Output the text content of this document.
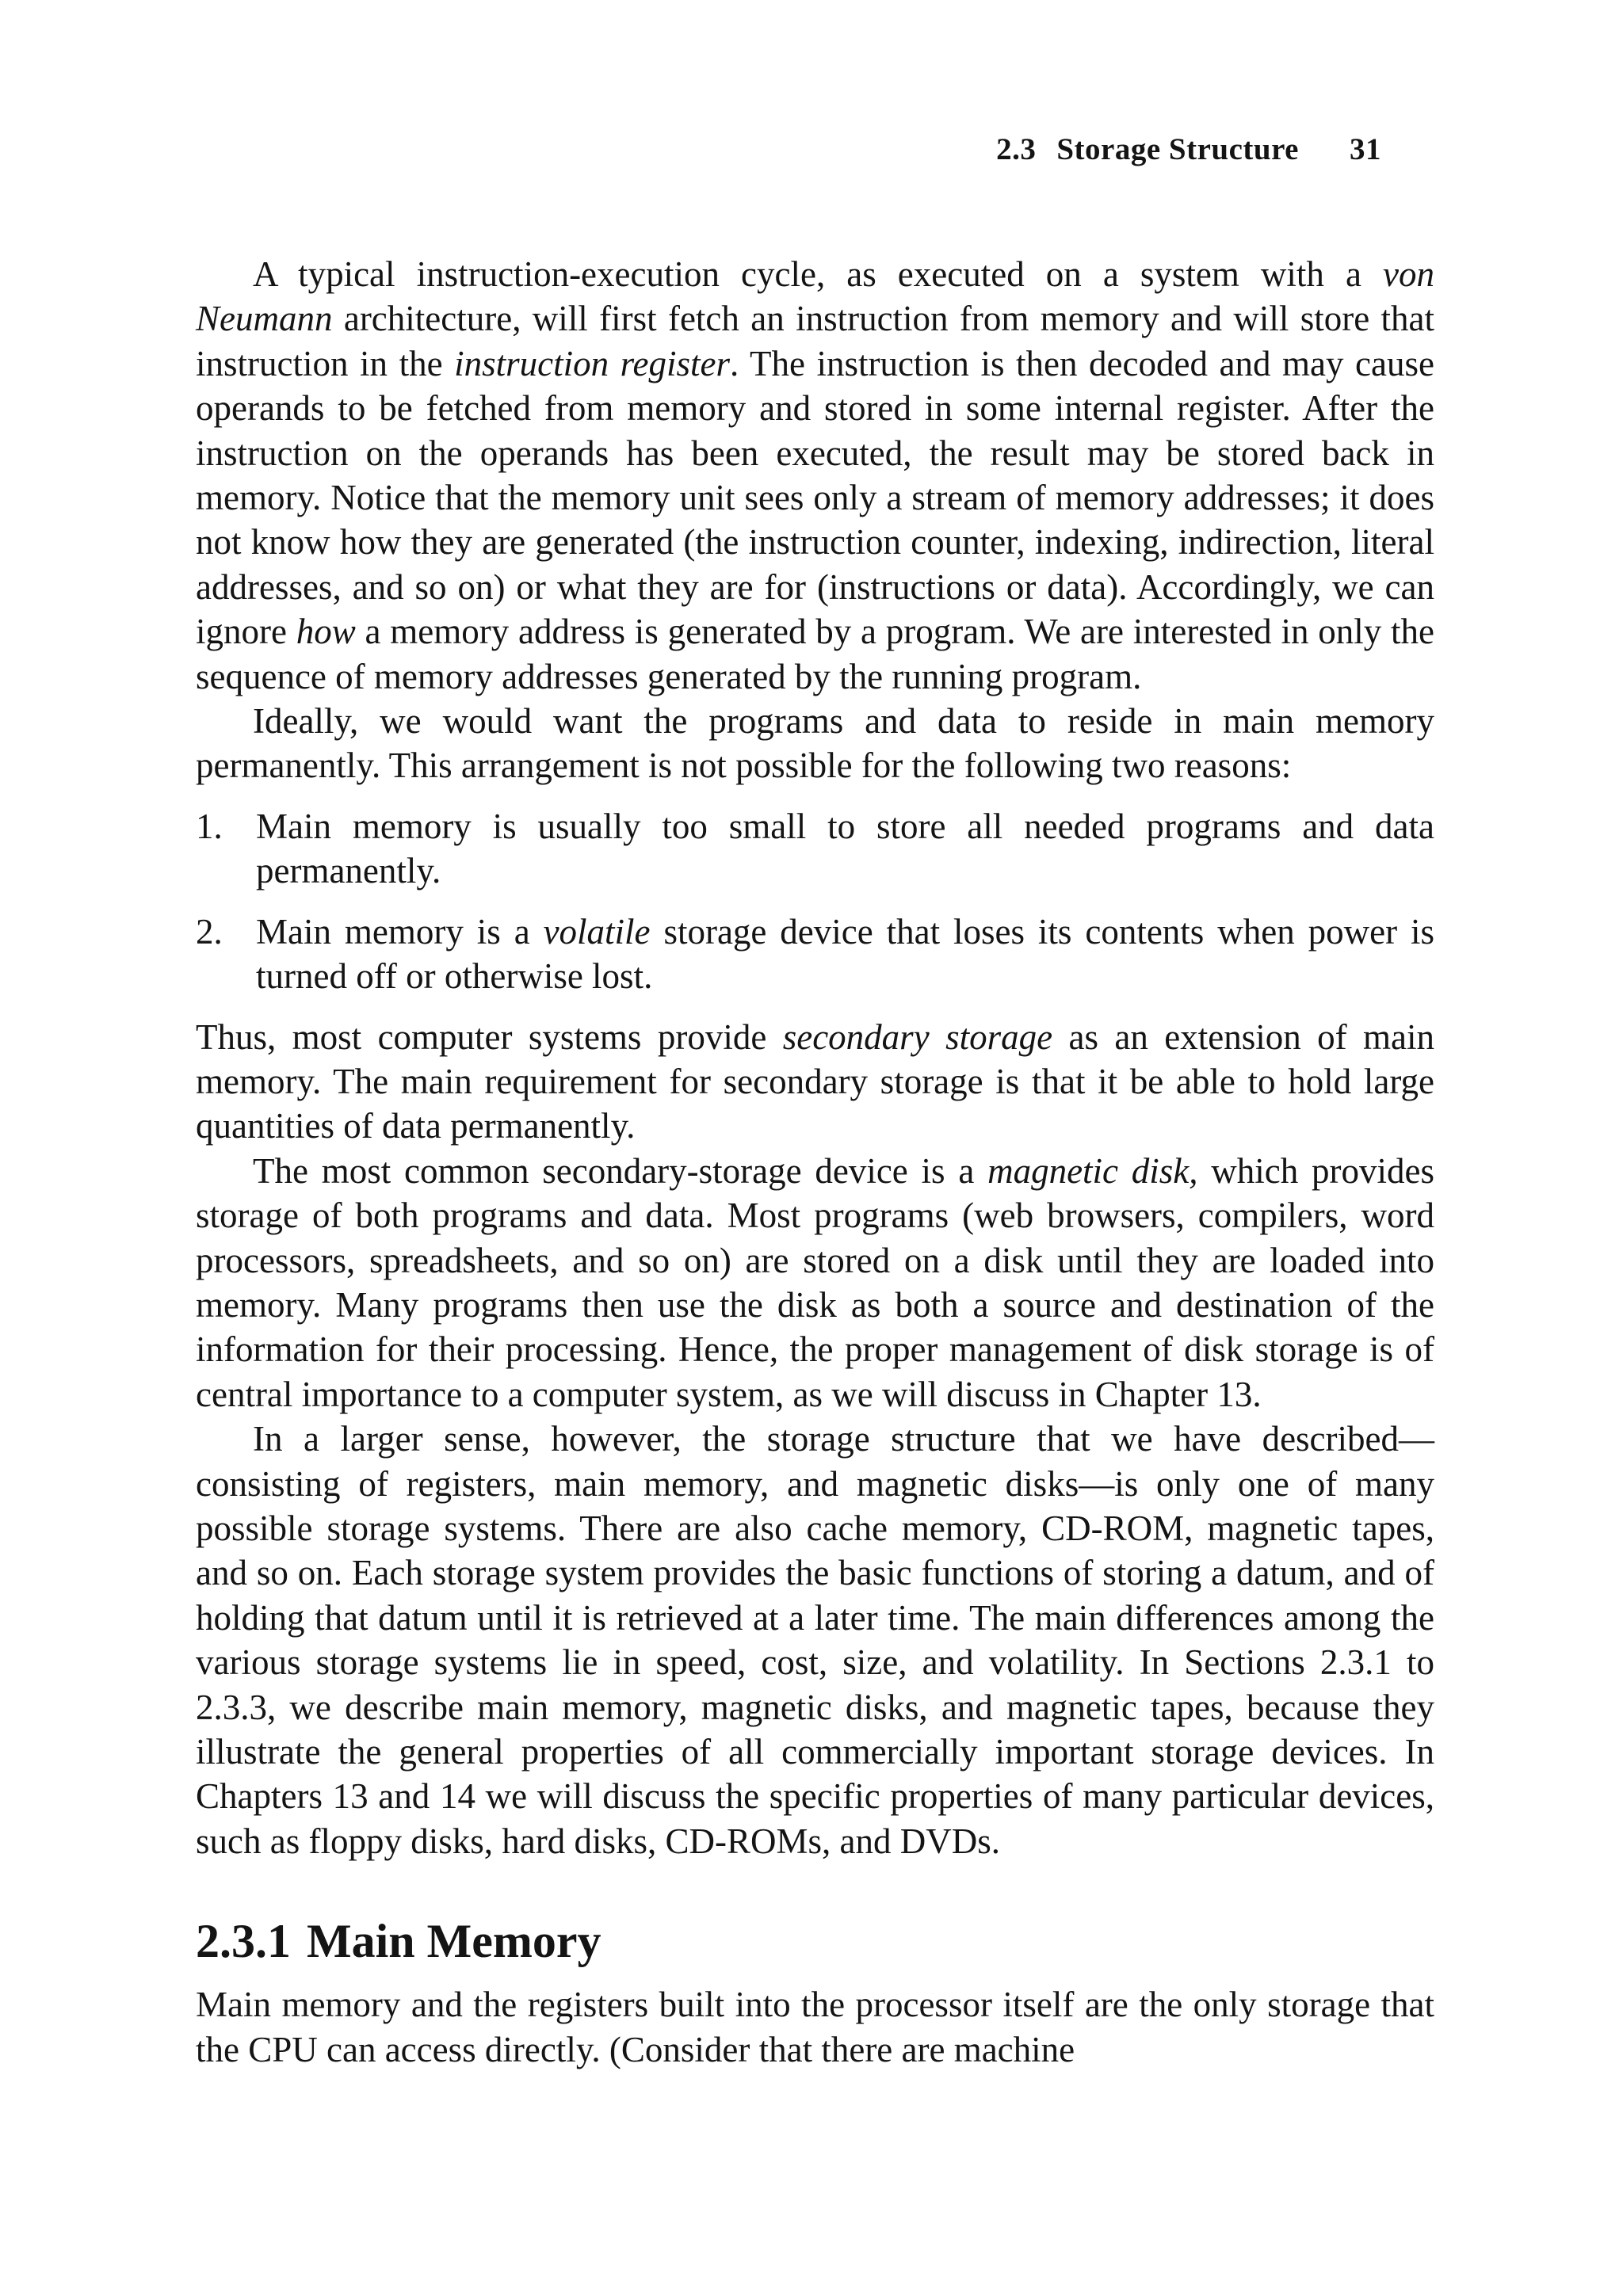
2.3 Storage Structure 31

A typical instruction-execution cycle, as executed on a system with a von Neumann architecture, will first fetch an instruction from memory and will store that instruction in the instruction register. The instruction is then decoded and may cause operands to be fetched from memory and stored in some internal register. After the instruction on the operands has been executed, the result may be stored back in memory. Notice that the memory unit sees only a stream of memory addresses; it does not know how they are generated (the instruction counter, indexing, indirection, literal addresses, and so on) or what they are for (instructions or data). Accordingly, we can ignore how a memory address is generated by a program. We are interested in only the sequence of memory addresses generated by the running program.

Ideally, we would want the programs and data to reside in main memory permanently. This arrangement is not possible for the following two reasons:

1. Main memory is usually too small to store all needed programs and data permanently.
2. Main memory is a volatile storage device that loses its contents when power is turned off or otherwise lost.

Thus, most computer systems provide secondary storage as an extension of main memory. The main requirement for secondary storage is that it be able to hold large quantities of data permanently.

The most common secondary-storage device is a magnetic disk, which provides storage of both programs and data. Most programs (web browsers, compilers, word processors, spreadsheets, and so on) are stored on a disk until they are loaded into memory. Many programs then use the disk as both a source and destination of the information for their processing. Hence, the proper management of disk storage is of central importance to a computer system, as we will discuss in Chapter 13.

In a larger sense, however, the storage structure that we have described—consisting of registers, main memory, and magnetic disks—is only one of many possible storage systems. There are also cache memory, CD-ROM, magnetic tapes, and so on. Each storage system provides the basic functions of storing a datum, and of holding that datum until it is retrieved at a later time. The main differences among the various storage systems lie in speed, cost, size, and volatility. In Sections 2.3.1 to 2.3.3, we describe main memory, magnetic disks, and magnetic tapes, because they illustrate the general properties of all commercially important storage devices. In Chapters 13 and 14 we will discuss the specific properties of many particular devices, such as floppy disks, hard disks, CD-ROMs, and DVDs.

2.3.1 Main Memory

Main memory and the registers built into the processor itself are the only storage that the CPU can access directly. (Consider that there are machine
